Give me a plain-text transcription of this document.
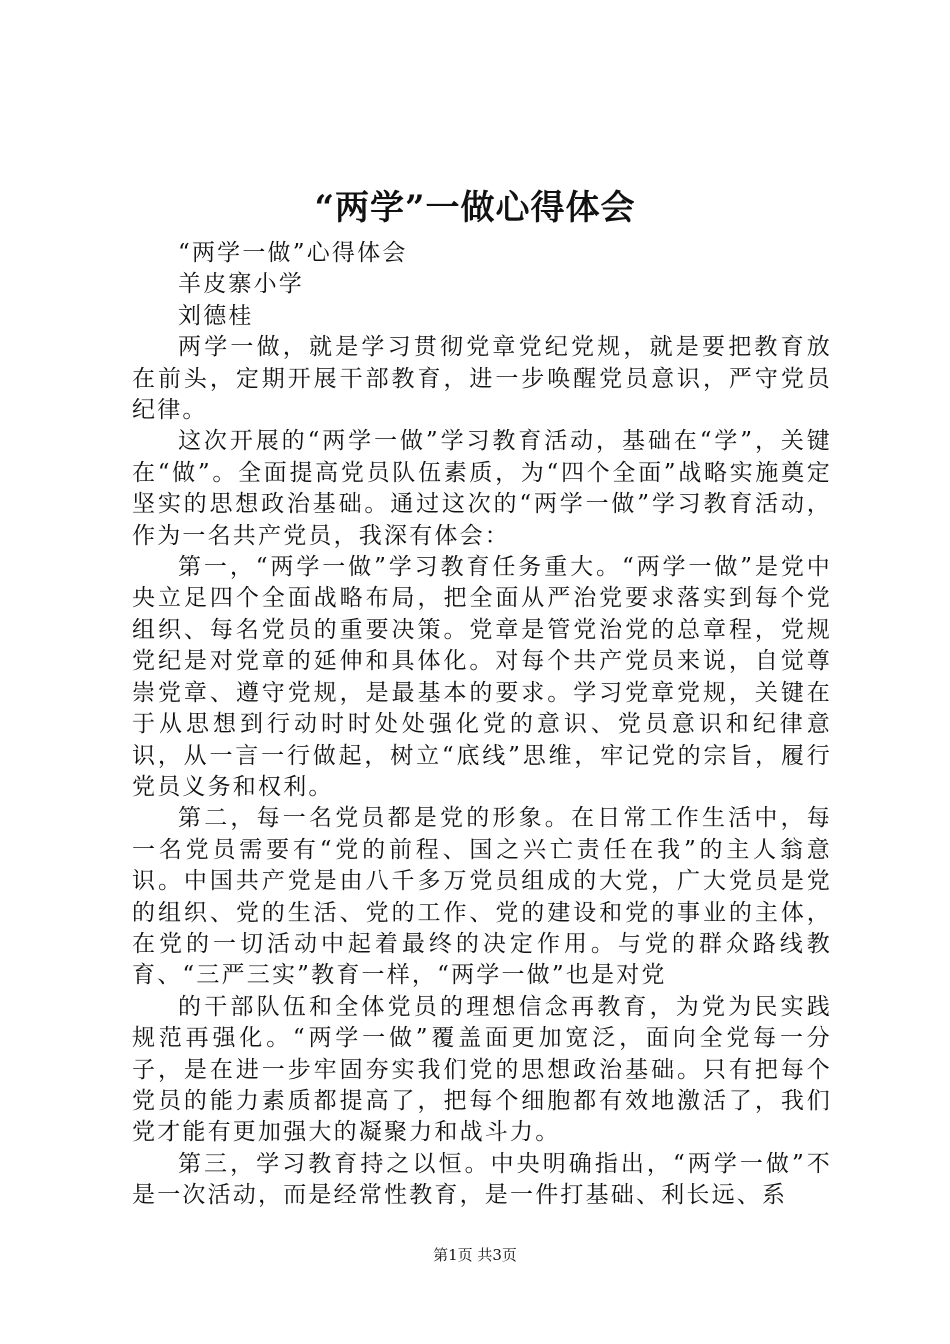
“两学”一做心得体会

“两学一做”心得体会

羊皮寨小学

刘德桂

两学一做，就是学习贯彻党章党纪党规，就是要把教育放在前头，定期开展干部教育，进一步唤醒党员意识，严守党员纪律。

这次开展的“两学一做”学习教育活动，基础在“学”，关键在“做”。全面提高党员队伍素质，为“四个全面”战略实施奠定坚实的思想政治基础。通过这次的“两学一做”学习教育活动，作为一名共产党员，我深有体会：

第一，“两学一做”学习教育任务重大。“两学一做”是党中央立足四个全面战略布局，把全面从严治党要求落实到每个党组织、每名党员的重要决策。党章是管党治党的总章程，党规党纪是对党章的延伸和具体化。对每个共产党员来说，自觉尊崇党章、遵守党规，是最基本的要求。学习党章党规，关键在于从思想到行动时时处处强化党的意识、党员意识和纪律意识，从一言一行做起，树立“底线”思维，牢记党的宗旨，履行党员义务和权利。

第二，每一名党员都是党的形象。在日常工作生活中，每一名党员需要有“党的前程、国之兴亡责任在我”的主人翁意识。中国共产党是由八千多万党员组成的大党，广大党员是党的组织、党的生活、党的工作、党的建设和党的事业的主体，在党的一切活动中起着最终的决定作用。与党的群众路线教育、“三严三实”教育一样，“两学一做”也是对党

的干部队伍和全体党员的理想信念再教育，为党为民实践规范再强化。“两学一做”覆盖面更加宽泛，面向全党每一分子，是在进一步牢固夯实我们党的思想政治基础。只有把每个党员的能力素质都提高了，把每个细胞都有效地激活了，我们党才能有更加强大的凝聚力和战斗力。

第三，学习教育持之以恒。中央明确指出，“两学一做”不是一次活动，而是经常性教育，是一件打基础、利长远、系

第1页 共3页
